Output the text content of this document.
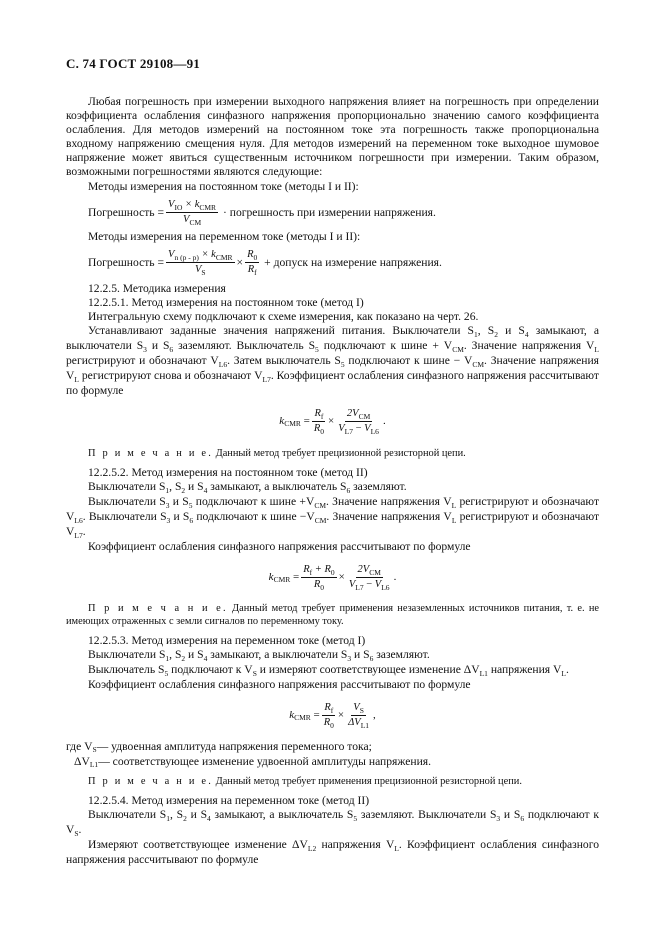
С. 74 ГОСТ 29108—91

Любая погрешность при измерении выходного напряжения влияет на погрешность при определении коэффициента ослабления синфазного напряжения пропорционально значению самого коэффициента ослабления. Для методов измерений на постоянном токе эта погрешность также пропорциональна входному напряжению смещения нуля. Для методов измерений на переменном токе выходное шумовое напряжение может явиться существенным источником погрешности при измерении. Таким образом, возможными погрешностями являются следующие:

Методы измерения на постоянном токе (методы I и II):

Погрешность
= $\frac{V_{IO} \times k_{CMR}}{V_{CM}}$
· погрешность при измерении напряжения.

Методы измерения на переменном токе (методы I и II):

Погрешность
= $\frac{V_{n (p - p)} \times k_{CMR}}{V_S} \times \frac{R_0}{R_f}$
+ допуск на измерение напряжения.

12.2.5. Методика измерения

12.2.5.1. Метод измерения на постоянном токе (метод I)

Интегральную схему подключают к схеме измерения, как показано на черт. 26.

Устанавливают заданные значения напряжений питания. Выключатели $S_1$, $S_2$ и $S_4$ замыкают, а выключатели $S_3$ и $S_6$ заземляют. Выключатель $S_5$ подключают к шине + $V_{CM}$. Значение напряжения $V_L$ регистрируют и обозначают $V_{L6}$. Затем выключатель $S_5$ подключают к шине − $V_{CM}$. Значение напряжения $V_L$ регистрируют снова и обозначают $V_{L7}$. Коэффициент ослабления синфазного напряжения рассчитывают по формуле

k CMR
= $\frac{R_f}{R_0} \times \frac{2V_{CM}}{V_{L7} - V_{L6}}$ .

П р и м е ч а н и е. Данный метод требует прецизионной резисторной цепи.

12.2.5.2. Метод измерения на постоянном токе (метод II)

Выключатели $S_1$, $S_2$ и $S_4$ замыкают, а выключатель $S_6$ заземляют.

Выключатели $S_3$ и $S_5$ подключают к шине $+V_{CM}$. Значение напряжения $V_L$ регистрируют и обозначают $V_{L6}$. Выключатели $S_3$ и $S_6$ подключают к шине $-V_{CM}$. Значение напряжения $V_L$ регистрируют и обозначают $V_{L7}$.

Коэффициент ослабления синфазного напряжения рассчитывают по формуле

k CMR
= $\frac{R_f + R_0}{R_0} \times \frac{2V_{CM}}{V_{L7} - V_{L6}}$ .

П р и м е ч а н и е. Данный метод требует применения незаземленных источников питания, т. е. не имеющих отраженных с земли сигналов по переменному току.

12.2.5.3. Метод измерения на переменном токе (метод I)

Выключатели $S_1$, $S_2$ и $S_4$ замыкают, а выключатели $S_3$ и $S_6$ заземляют.

Выключатель $S_5$ подключают к $V_S$ и измеряют соответствующее изменение $\Delta V_{L1}$ напряжения $V_L$.

Коэффициент ослабления синфазного напряжения рассчитывают по формуле

k CMR
= $\frac{R_f}{R_0} \times \frac{V_S}{\Delta V_{L1}}$ ,
где V S — удвоенная амплитуда напряжения переменного тока;
ΔV L1 — соответствующее изменение удвоенной амплитуды напряжения.

П р и м е ч а н и е. Данный метод требует применения прецизионной резисторной цепи.

12.2.5.4. Метод измерения на переменном токе (метод II)

Выключатели $S_1$, $S_2$ и $S_4$ замыкают, а выключатель $S_5$ заземляют. Выключатели $S_3$ и $S_6$ подключают к $V_S$.

Измеряют соответствующее изменение $\Delta V_{L2}$ напряжения $V_L$. Коэффициент ослабления синфазного напряжения рассчитывают по формуле
